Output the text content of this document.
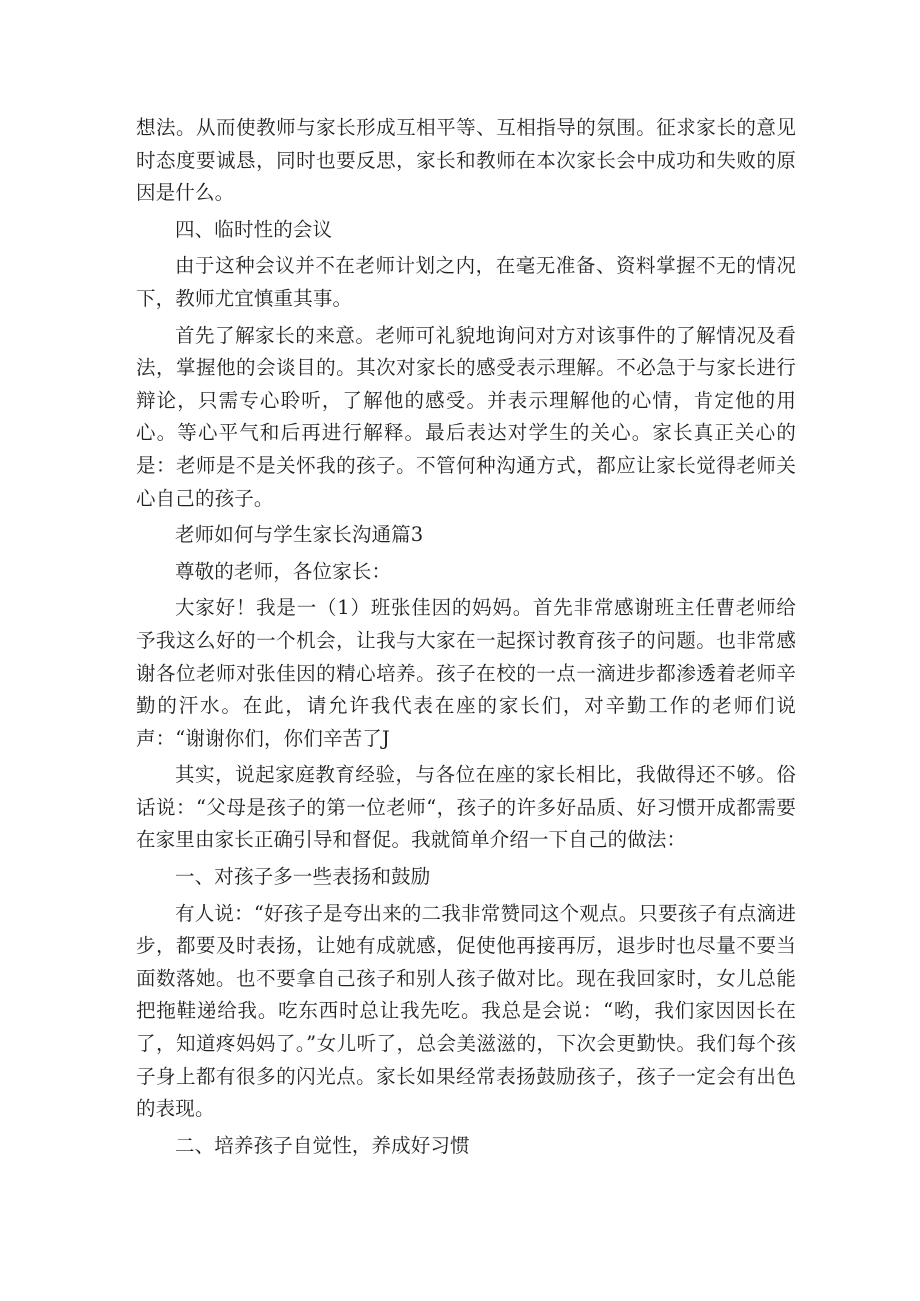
想法。从而使教师与家长形成互相平等、互相指导的氛围。征求家长的意见时态度要诚恳，同时也要反思，家长和教师在本次家长会中成功和失败的原因是什么。

四、临时性的会议

由于这种会议并不在老师计划之内，在毫无准备、资料掌握不无的情况下，教师尤宜慎重其事。

首先了解家长的来意。老师可礼貌地询问对方对该事件的了解情况及看法，掌握他的会谈目的。其次对家长的感受表示理解。不必急于与家长进行辩论，只需专心聆听，了解他的感受。并表示理解他的心情，肯定他的用心。等心平气和后再进行解释。最后表达对学生的关心。家长真正关心的是：老师是不是关怀我的孩子。不管何种沟通方式，都应让家长觉得老师关心自己的孩子。

老师如何与学生家长沟通篇3

尊敬的老师，各位家长：

大家好！我是一（1）班张佳因的妈妈。首先非常感谢班主任曹老师给予我这么好的一个机会，让我与大家在一起探讨教育孩子的问题。也非常感谢各位老师对张佳因的精心培养。孩子在校的一点一滴进步都渗透着老师辛勤的汗水。在此，请允许我代表在座的家长们，对辛勤工作的老师们说声：“谢谢你们，你们辛苦了J

其实，说起家庭教育经验，与各位在座的家长相比，我做得还不够。俗话说：“父母是孩子的第一位老师“，孩子的许多好品质、好习惯开成都需要在家里由家长正确引导和督促。我就简单介绍一下自己的做法：

一、对孩子多一些表扬和鼓励

有人说：“好孩子是夸出来的二我非常赞同这个观点。只要孩子有点滴进步，都要及时表扬，让她有成就感，促使他再接再厉，退步时也尽量不要当面数落她。也不要拿自己孩子和别人孩子做对比。现在我回家时，女儿总能把拖鞋递给我。吃东西时总让我先吃。我总是会说：“哟，我们家因因长在了，知道疼妈妈了。”女儿听了，总会美滋滋的，下次会更勤快。我们每个孩子身上都有很多的闪光点。家长如果经常表扬鼓励孩子，孩子一定会有出色的表现。

二、培养孩子自觉性，养成好习惯
